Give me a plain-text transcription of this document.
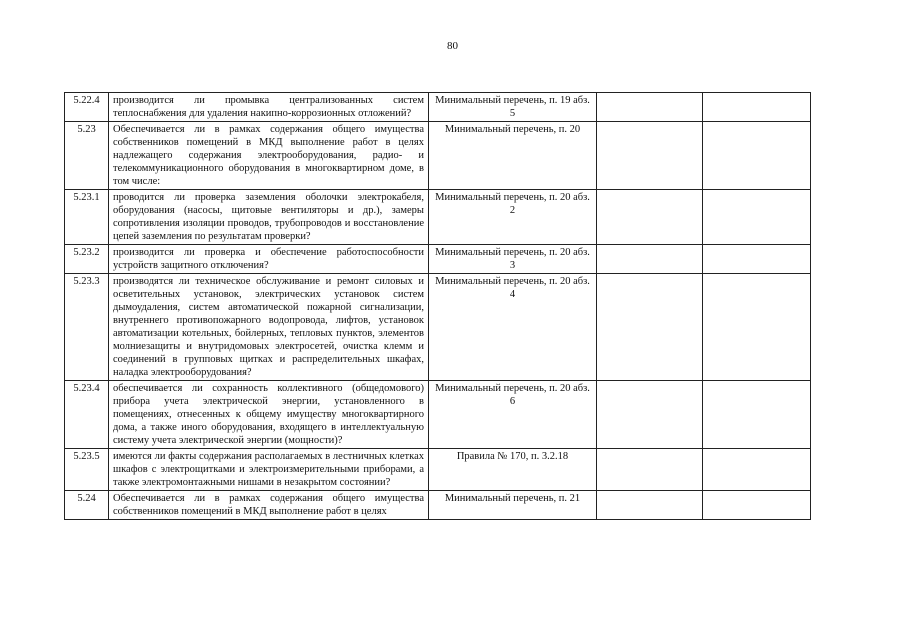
80
5.22.4	производится ли промывка централизованных систем теплоснабжения для удаления накипно-коррозионных отложений?	Минимальный перечень, п. 19 абз. 5		
5.23	Обеспечивается ли в рамках содержания общего имущества собственников помещений в МКД выполнение работ в целях надлежащего содержания электрооборудования, радио- и телекоммуникационного оборудования в многоквартирном доме, в том числе:	Минимальный перечень, п. 20		
5.23.1	проводится ли проверка заземления оболочки электрокабеля, оборудования (насосы, щитовые вентиляторы и др.), замеры сопротивления изоляции проводов, трубопроводов и восстановление цепей заземления по результатам проверки?	Минимальный перечень, п. 20 абз. 2		
5.23.2	производится ли проверка и обеспечение работоспособности устройств защитного отключения?	Минимальный перечень, п. 20 абз. 3		
5.23.3	производятся ли техническое обслуживание и ремонт силовых и осветительных установок, электрических установок систем дымоудаления, систем автоматической пожарной сигнализации, внутреннего противопожарного водопровода, лифтов, установок автоматизации котельных, бойлерных, тепловых пунктов, элементов молниезащиты и внутридомовых электросетей, очистка клемм и соединений в групповых щитках и распределительных шкафах, наладка электрооборудования?	Минимальный перечень, п. 20 абз. 4		
5.23.4	обеспечивается ли сохранность коллективного (общедомового) прибора учета электрической энергии, установленного в помещениях, отнесенных к общему имуществу многоквартирного дома, а также иного оборудования, входящего в интеллектуальную систему учета электрической энергии (мощности)?	Минимальный перечень, п. 20 абз. 6		
5.23.5	имеются ли факты содержания располагаемых в лестничных клетках шкафов с электрощитками и электроизмерительными приборами, а также электромонтажными нишами в незакрытом состоянии?	Правила № 170, п. 3.2.18		
5.24	Обеспечивается ли в рамках содержания общего имущества собственников помещений в МКД выполнение работ в целях	Минимальный перечень, п. 21		
